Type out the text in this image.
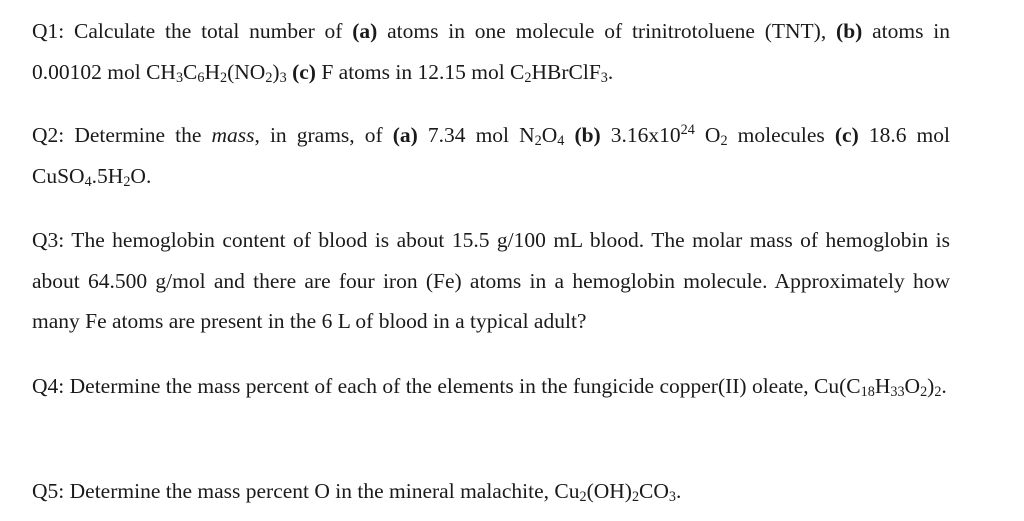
Q1: Calculate the total number of (a) atoms in one molecule of trinitrotoluene (TNT), (b) atoms in 0.00102 mol $CH_3C_6H_2(NO_2)_3$ (c) F atoms in 12.15 mol $C_2HBrClF_3$.

Q2: Determine the mass, in grams, of (a) 7.34 mol $N_2O_4$ (b) $3.16x10^{24}$ $O_2$ molecules (c) 18.6 mol $CuSO_4.5H_2O$.

Q3: The hemoglobin content of blood is about 15.5 g/100 mL blood. The molar mass of hemoglobin is about 64.500 g/mol and there are four iron (Fe) atoms in a hemoglobin molecule. Approximately how many Fe atoms are present in the 6 L of blood in a typical adult?

Q4: Determine the mass percent of each of the elements in the fungicide copper(II) oleate, $Cu(C_{18}H_{33}O_2)_2$.

Q5: Determine the mass percent O in the mineral malachite, $Cu_2(OH)_2CO_3$.
